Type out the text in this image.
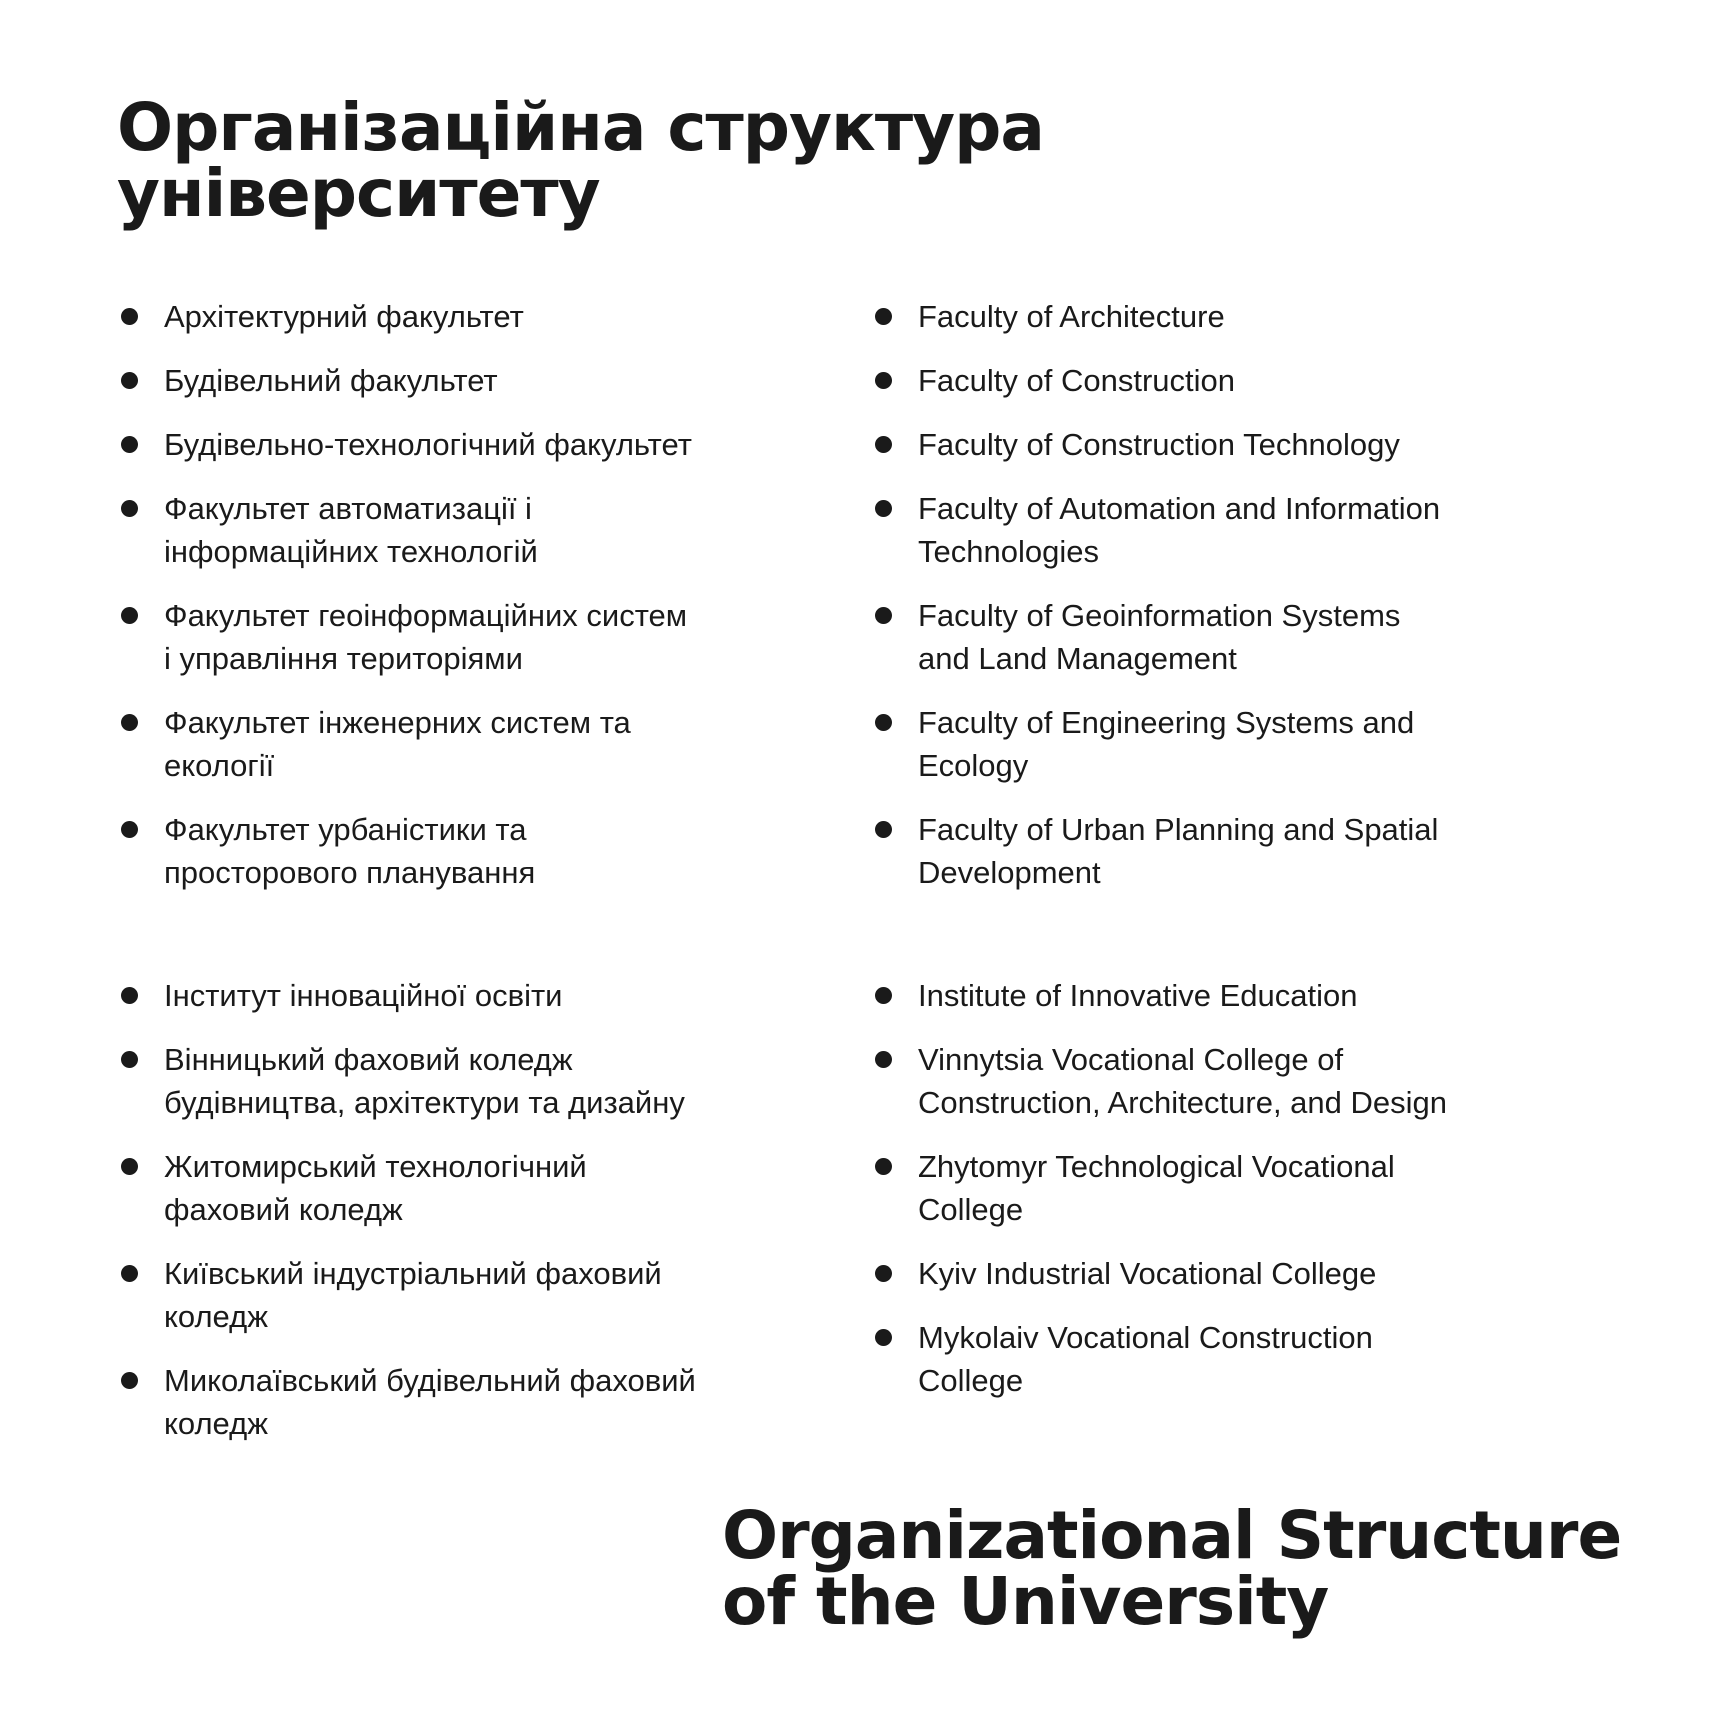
Організаційна структура
університету
Архітектурний факультет
Будівельний факультет
Будівельно-технологічний факультет
Факультет автоматизації і
інформаційних технологій
Факультет геоінформаційних систем
і управління територіями
Факультет інженерних систем та
екології
Факультет урбаністики та
просторового планування
Faculty of Architecture
Faculty of Construction
Faculty of Construction Technology
Faculty of Automation and Information
Technologies
Faculty of Geoinformation Systems
and Land Management
Faculty of Engineering Systems and
Ecology
Faculty of Urban Planning and Spatial
Development
Інститут інноваційної освіти
Вінницький фаховий коледж
будівництва, архітектури та дизайну
Житомирський технологічний
фаховий коледж
Київський індустріальний фаховий
коледж
Миколаївський будівельний фаховий
коледж
Institute of Innovative Education
Vinnytsia Vocational College of
Construction, Architecture, and Design
Zhytomyr Technological Vocational
College
Kyiv Industrial Vocational College
Mykolaiv Vocational Construction
College
Organizational Structure
of the University
